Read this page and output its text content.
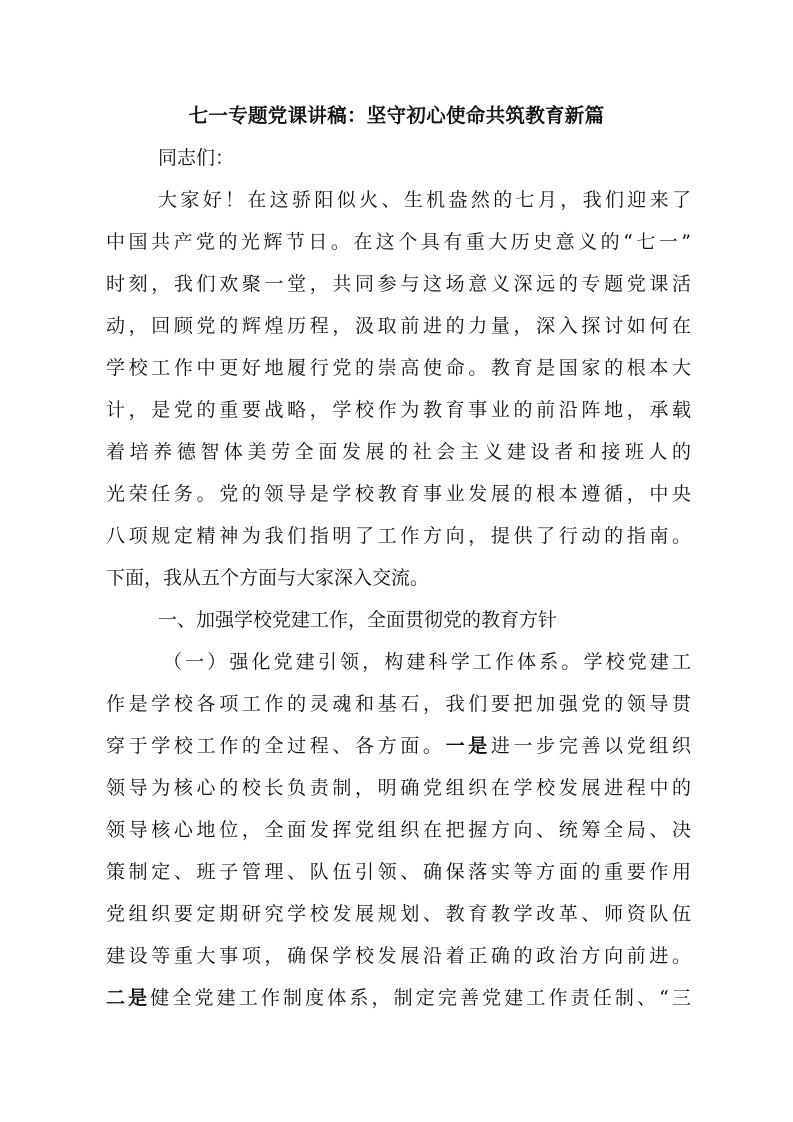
七一专题党课讲稿：坚守初心使命共筑教育新篇
同志们：
大家好！在这骄阳似火、生机盎然的七月，我们迎来了
中国共产党的光辉节日。在这个具有重大历史意义的“七一”
时刻，我们欢聚一堂，共同参与这场意义深远的专题党课活
动，回顾党的辉煌历程，汲取前进的力量，深入探讨如何在
学校工作中更好地履行党的崇高使命。教育是国家的根本大
计，是党的重要战略，学校作为教育事业的前沿阵地，承载
着培养德智体美劳全面发展的社会主义建设者和接班人的
光荣任务。党的领导是学校教育事业发展的根本遵循，中央
八项规定精神为我们指明了工作方向，提供了行动的指南。
下面，我从五个方面与大家深入交流。
一、加强学校党建工作，全面贯彻党的教育方针
（一）强化党建引领，构建科学工作体系。学校党建工
作是学校各项工作的灵魂和基石，我们要把加强党的领导贯
穿于学校工作的全过程、各方面。一是进一步完善以党组织
领导为核心的校长负责制，明确党组织在学校发展进程中的
领导核心地位，全面发挥党组织在把握方向、统筹全局、决
策制定、班子管理、队伍引领、确保落实等方面的重要作用
党组织要定期研究学校发展规划、教育教学改革、师资队伍
建设等重大事项，确保学校发展沿着正确的政治方向前进。
二是健全党建工作制度体系，制定完善党建工作责任制、“三
